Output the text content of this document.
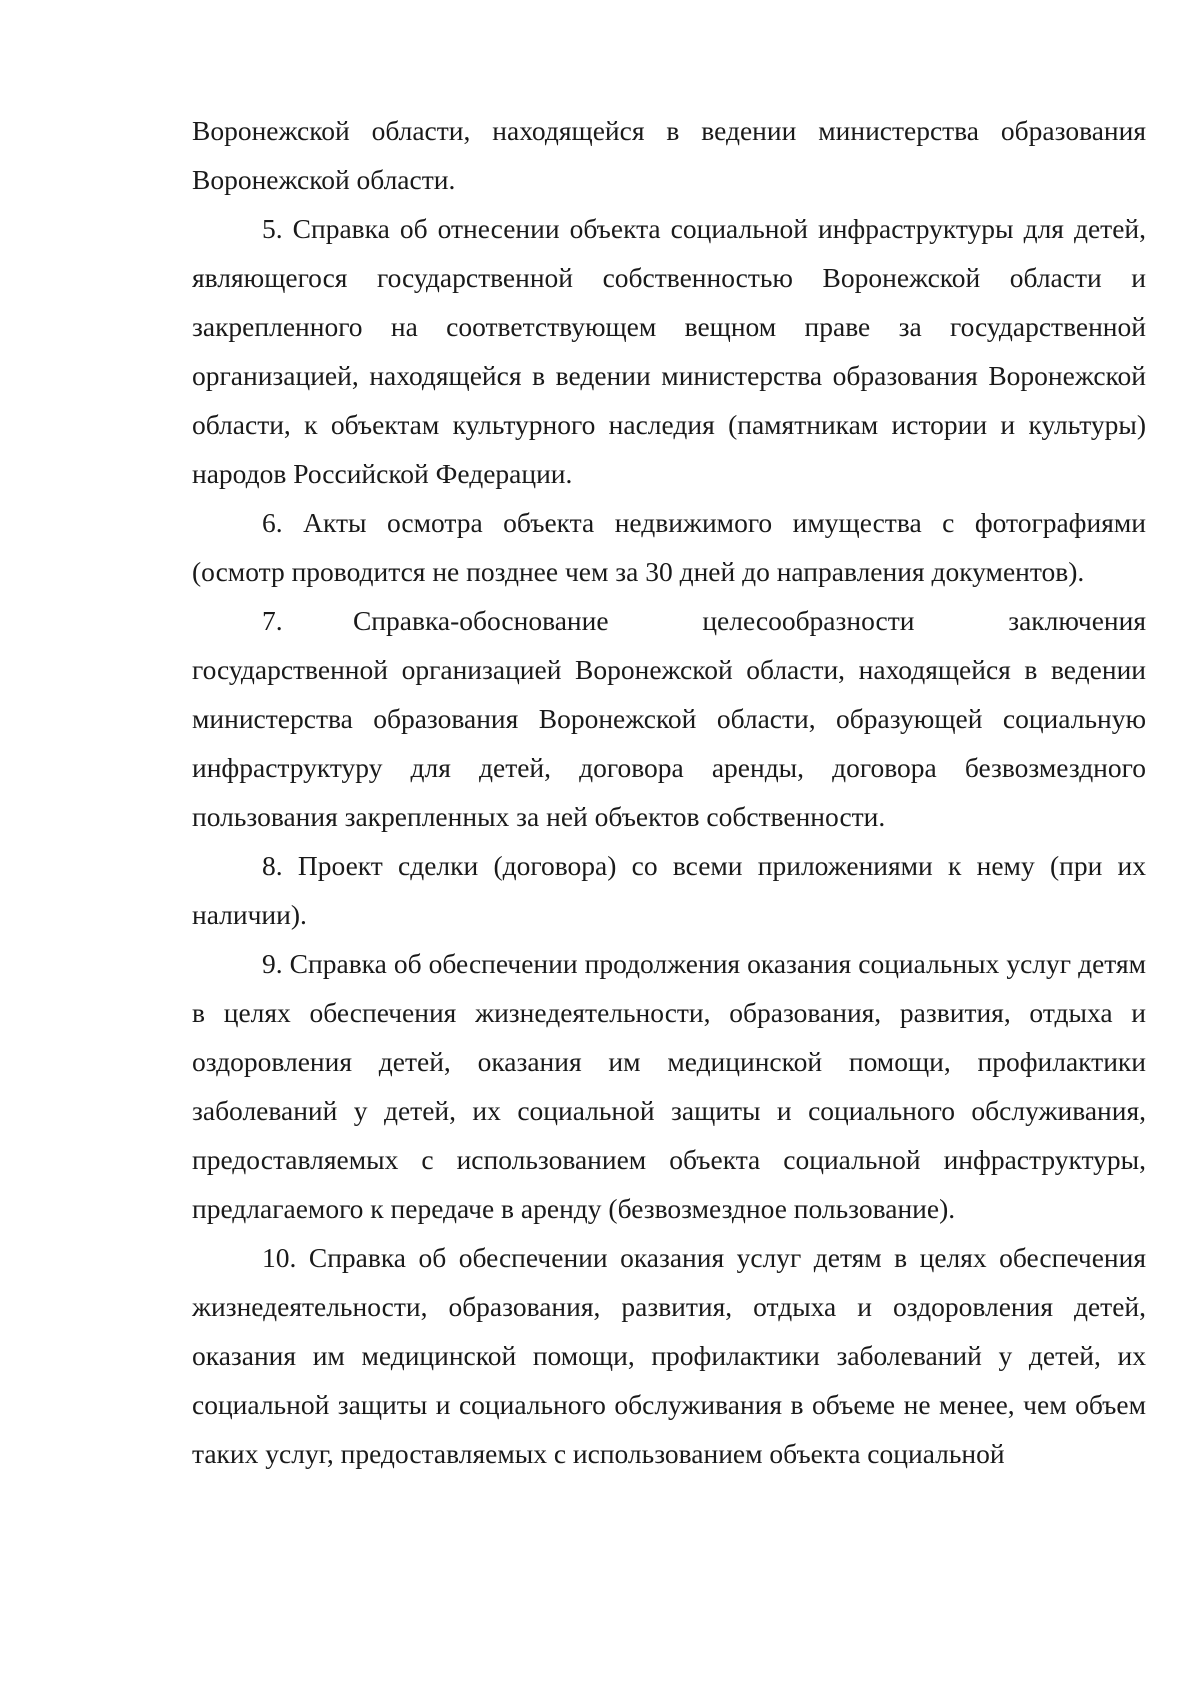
Воронежской области, находящейся в ведении министерства образования Воронежской области.

5. Справка об отнесении объекта социальной инфраструктуры для детей, являющегося государственной собственностью Воронежской области и закрепленного на соответствующем вещном праве за государственной организацией, находящейся в ведении министерства образования Воронежской области, к объектам культурного наследия (памятникам истории и культуры) народов Российской Федерации.

6. Акты осмотра объекта недвижимого имущества с фотографиями (осмотр проводится не позднее чем за 30 дней до направления документов).

7.         Справка-обоснование            целесообразности            заключения государственной организацией Воронежской области, находящейся в ведении министерства образования Воронежской области, образующей социальную инфраструктуру для детей, договора аренды, договора безвозмездного пользования закрепленных за ней объектов собственности.

8. Проект сделки (договора) со всеми приложениями к нему (при их наличии).

9. Справка об обеспечении продолжения оказания социальных услуг детям в целях обеспечения жизнедеятельности, образования, развития, отдыха и оздоровления детей, оказания им медицинской помощи, профилактики заболеваний у детей, их социальной защиты и социального обслуживания, предоставляемых с использованием объекта социальной инфраструктуры, предлагаемого к передаче в аренду (безвозмездное пользование).

10. Справка об обеспечении оказания услуг детям в целях обеспечения жизнедеятельности, образования, развития, отдыха и оздоровления детей, оказания им медицинской помощи, профилактики заболеваний у детей, их социальной защиты и социального обслуживания в объеме не менее, чем объем таких услуг, предоставляемых с использованием объекта социальной
